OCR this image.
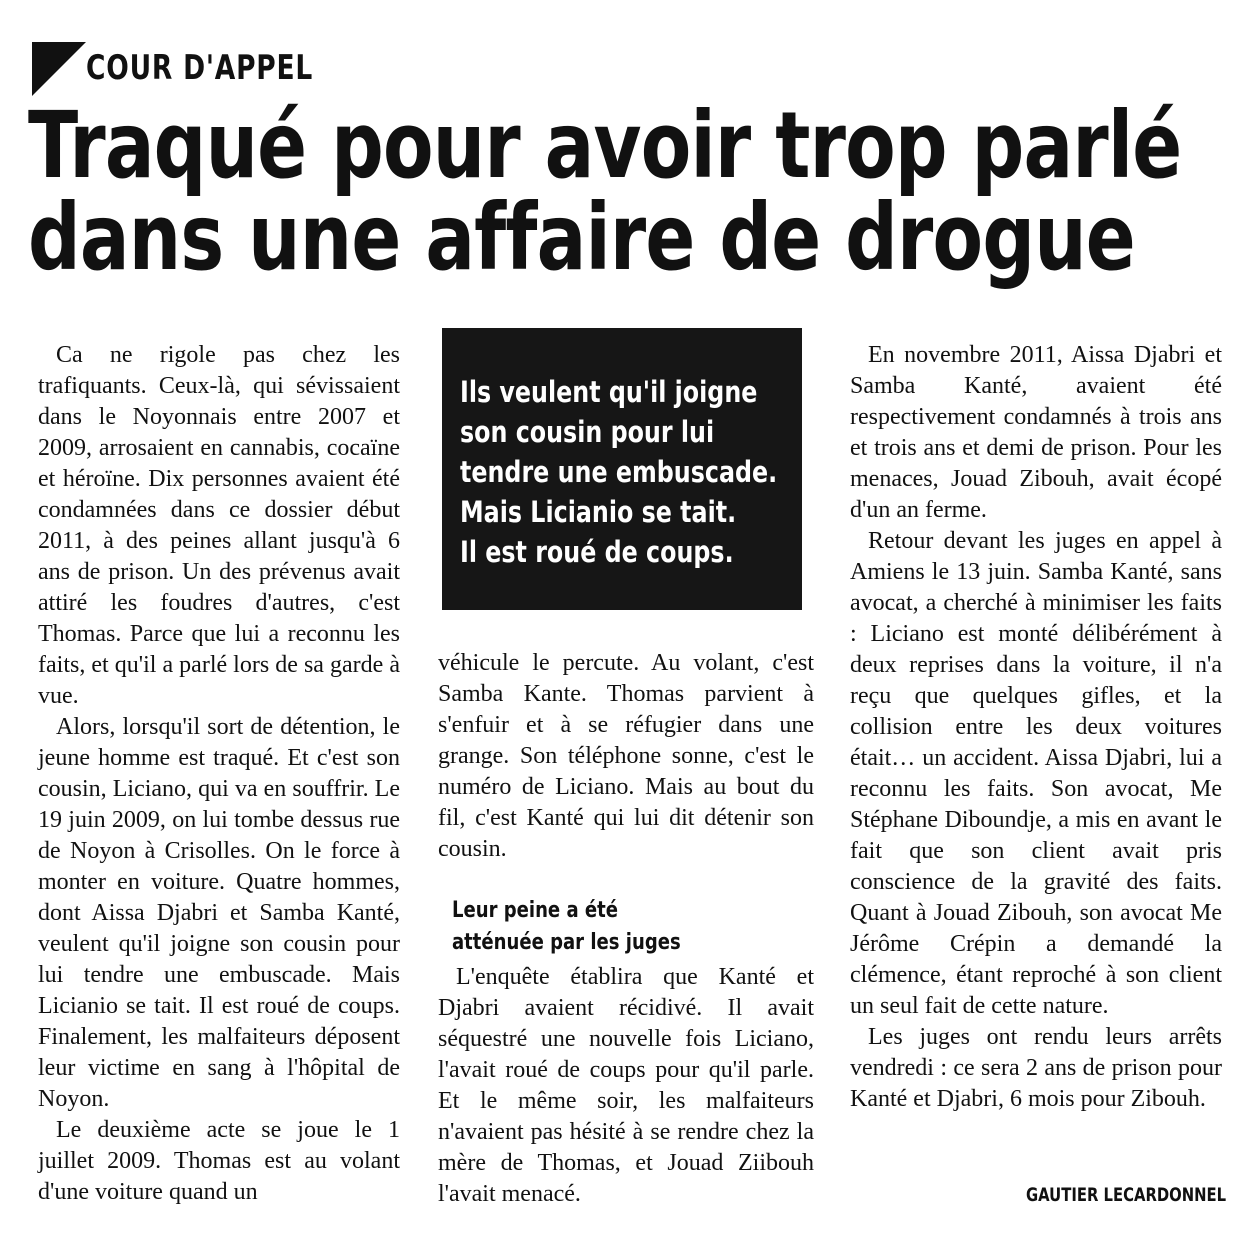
COUR D'APPEL
Traqué pour avoir trop parlé
dans une affaire de drogue

Ca ne rigole pas chez les trafiquants. Ceux-là, qui sévissaient dans le Noyonnais entre 2007 et 2009, arrosaient en cannabis, cocaïne et héroïne. Dix personnes avaient été condamnées dans ce dossier début 2011, à des peines allant jusqu'à 6 ans de prison. Un des prévenus avait attiré les foudres d'autres, c'est Thomas. Parce que lui a reconnu les faits, et qu'il a parlé lors de sa garde à vue.

Alors, lorsqu'il sort de détention, le jeune homme est traqué. Et c'est son cousin, Liciano, qui va en souffrir. Le 19 juin 2009, on lui tombe dessus rue de Noyon à Crisolles. On le force à monter en voiture. Quatre hommes, dont Aissa Djabri et Samba Kanté, veulent qu'il joigne son cousin pour lui tendre une embuscade. Mais Licianio se tait. Il est roué de coups. Finalement, les malfaiteurs déposent leur victime en sang à l'hôpital de Noyon.

Le deuxième acte se joue le 1 juillet 2009. Thomas est au volant d'une voiture quand un

Ils veulent qu'il joigne
son cousin pour lui
tendre une embuscade.
Mais Licianio se tait.
Il est roué de coups.

véhicule le percute. Au volant, c'est Samba Kante. Thomas parvient à s'enfuir et à se réfugier dans une grange. Son téléphone sonne, c'est le numéro de Liciano. Mais au bout du fil, c'est Kanté qui lui dit détenir son cousin.

Leur peine a été
atténuée par les juges

L'enquête établira que Kanté et Djabri avaient récidivé. Il avait séquestré une nouvelle fois Liciano, l'avait roué de coups pour qu'il parle. Et le même soir, les malfaiteurs n'avaient pas hésité à se rendre chez la mère de Thomas, et Jouad Ziibouh l'avait menacé.

En novembre 2011, Aissa Djabri et Samba Kanté, avaient été respectivement condamnés à trois ans et trois ans et demi de prison. Pour les menaces, Jouad Zibouh, avait écopé d'un an ferme.

Retour devant les juges en appel à Amiens le 13 juin. Samba Kanté, sans avocat, a cherché à minimiser les faits : Liciano est monté délibérément à deux reprises dans la voiture, il n'a reçu que quelques gifles, et la collision entre les deux voitures était… un accident. Aissa Djabri, lui a reconnu les faits. Son avocat, Me Stéphane Diboundje, a mis en avant le fait que son client avait pris conscience de la gravité des faits. Quant à Jouad Zibouh, son avocat Me Jérôme Crépin a demandé la clémence, étant reproché à son client un seul fait de cette nature.

Les juges ont rendu leurs arrêts vendredi : ce sera 2 ans de prison pour Kanté et Djabri, 6 mois pour Zibouh.

GAUTIER LECARDONNEL
